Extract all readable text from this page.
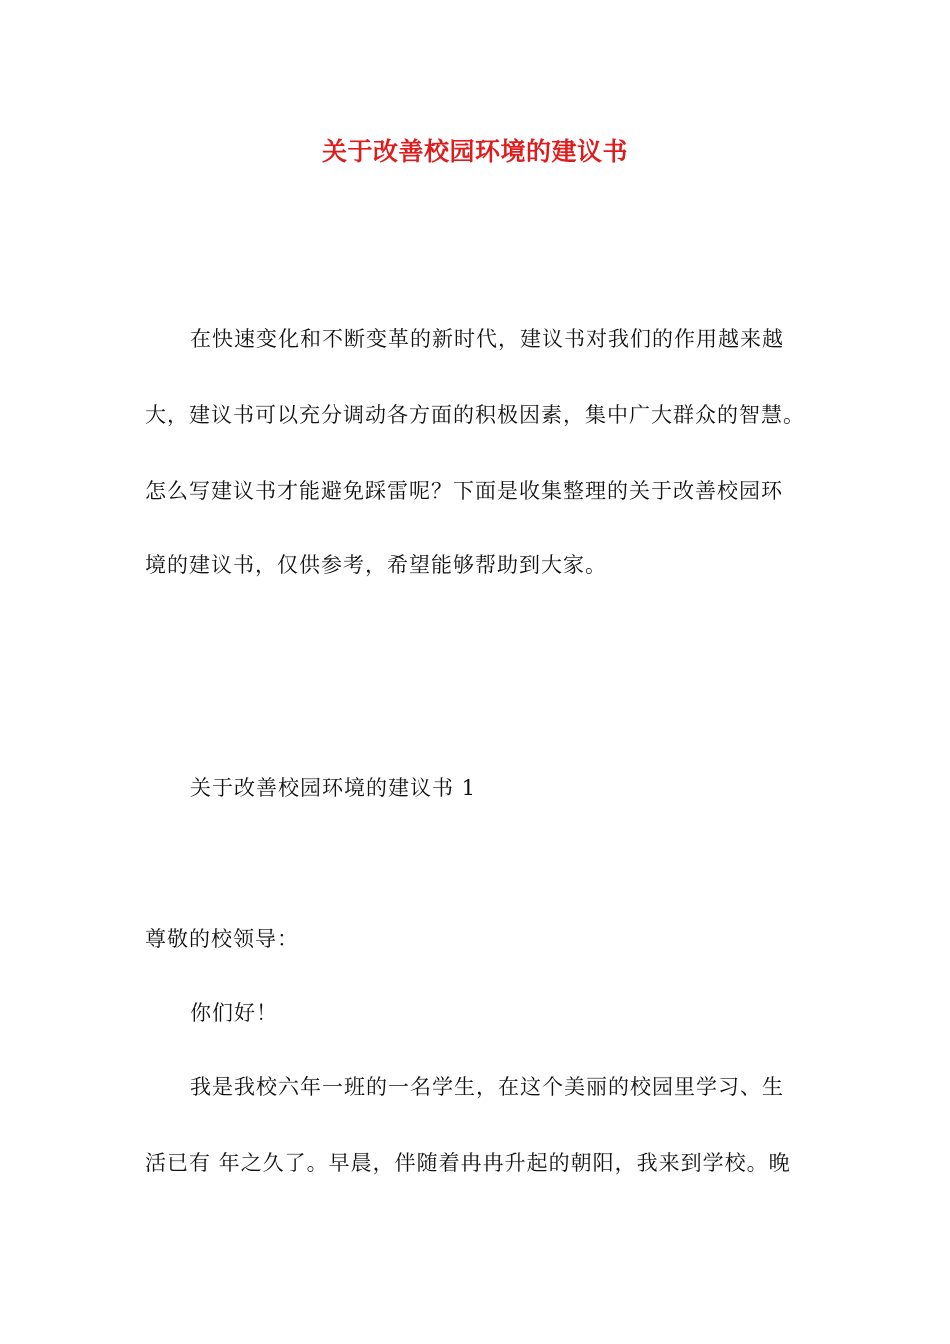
关于改善校园环境的建议书
在快速变化和不断变革的新时代，建议书对我们的作用越来越
大，建议书可以充分调动各方面的积极因素，集中广大群众的智慧。
怎么写建议书才能避免踩雷呢？下面是收集整理的关于改善校园环
境的建议书，仅供参考，希望能够帮助到大家。
关于改善校园环境的建议书 1
尊敬的校领导：
你们好！
我是我校六年一班的一名学生，在这个美丽的校园里学习、生
活已有 年之久了。早晨，伴随着冉冉升起的朝阳，我来到学校。晚
